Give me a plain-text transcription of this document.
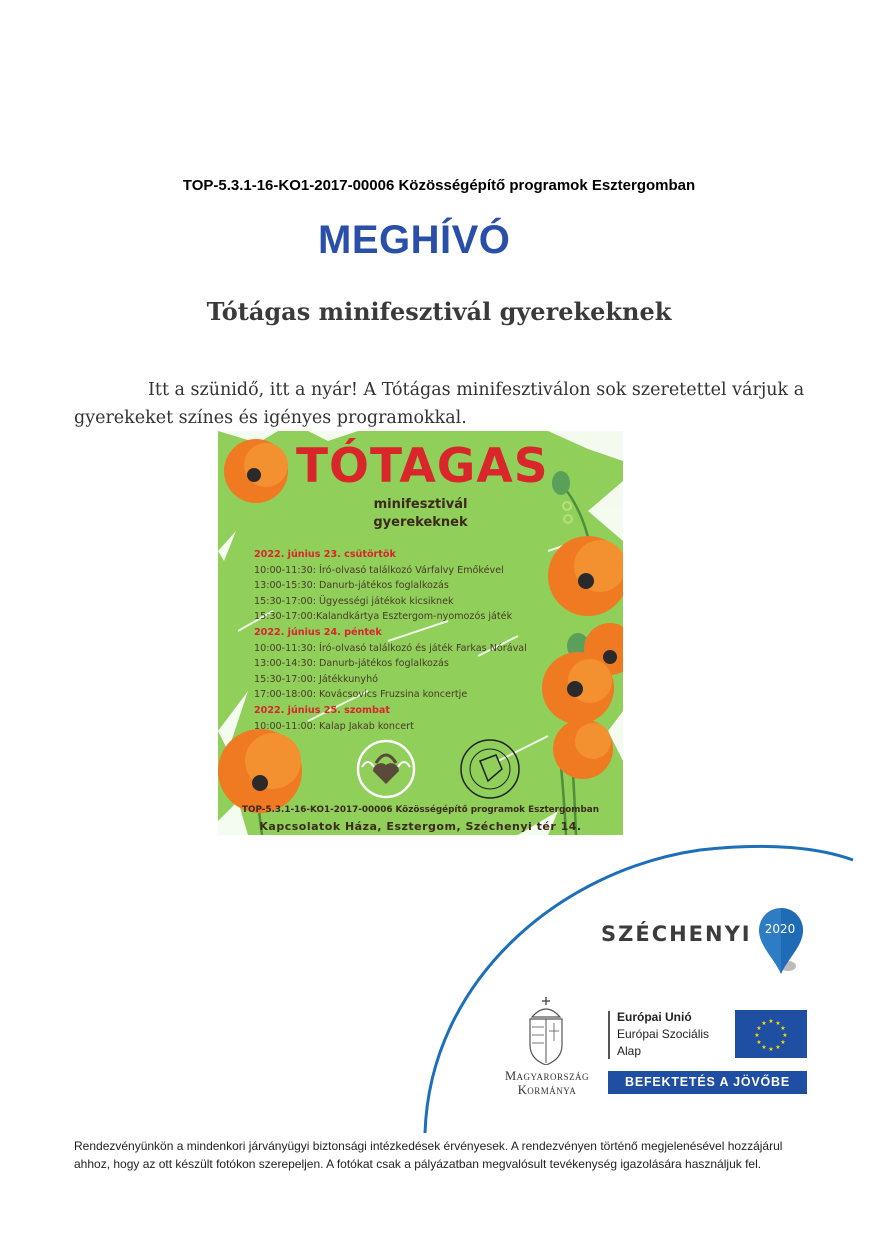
TOP-5.3.1-16-KO1-2017-00006 Közösségépítő programok Esztergomban
MEGHÍVÓ
Tótágas minifesztivál gyerekeknek
Itt a szünidő, itt a nyár! A Tótágas minifesztiválon sok szeretettel várjuk a gyerekeket színes és igényes programokkal.
TÓTAGAS
minifesztivál
gyerekeknek
2022. június 23. csütörtök
10:00-11:30: Író-olvasó találkozó Várfalvy Emőkével
13:00-15:30: Danurb-játékos foglalkozás
15:30-17:00: Ügyességi játékok kicsiknek
15:30-17:00:Kalandkártya Esztergom-nyomozós játék
2022. június 24. péntek
10:00-11:30: Író-olvasó találkozó és játék Farkas Nórával
13:00-14:30: Danurb-játékos foglalkozás
15:30-17:00: Játékkunyhó
17:00-18:00: Kovácsovics Fruzsina koncertje
2022. június 25. szombat
10:00-11:00: Kalap Jakab koncert
TOP-5.3.1-16-KO1-2017-00006 Közösségépítő programok Esztergomban
Kapcsolatok Háza, Esztergom, Széchenyi tér 14.
SZÉCHENYI	2020
Magyarország
Kormánya
Európai Unió
Európai Szociális
Alap
★ ★
★
★
★
★
★
★
★
★
★
★
BEFEKTETÉS A JÖVŐBE
Rendezvényünkön a mindenkori járványügyi biztonsági intézkedések érvényesek. A rendezvényen történő megjelenésével hozzájárul ahhoz, hogy az ott készült fotókon szerepeljen. A fotókat csak a pályázatban megvalósult tevékenység igazolására használjuk fel.
